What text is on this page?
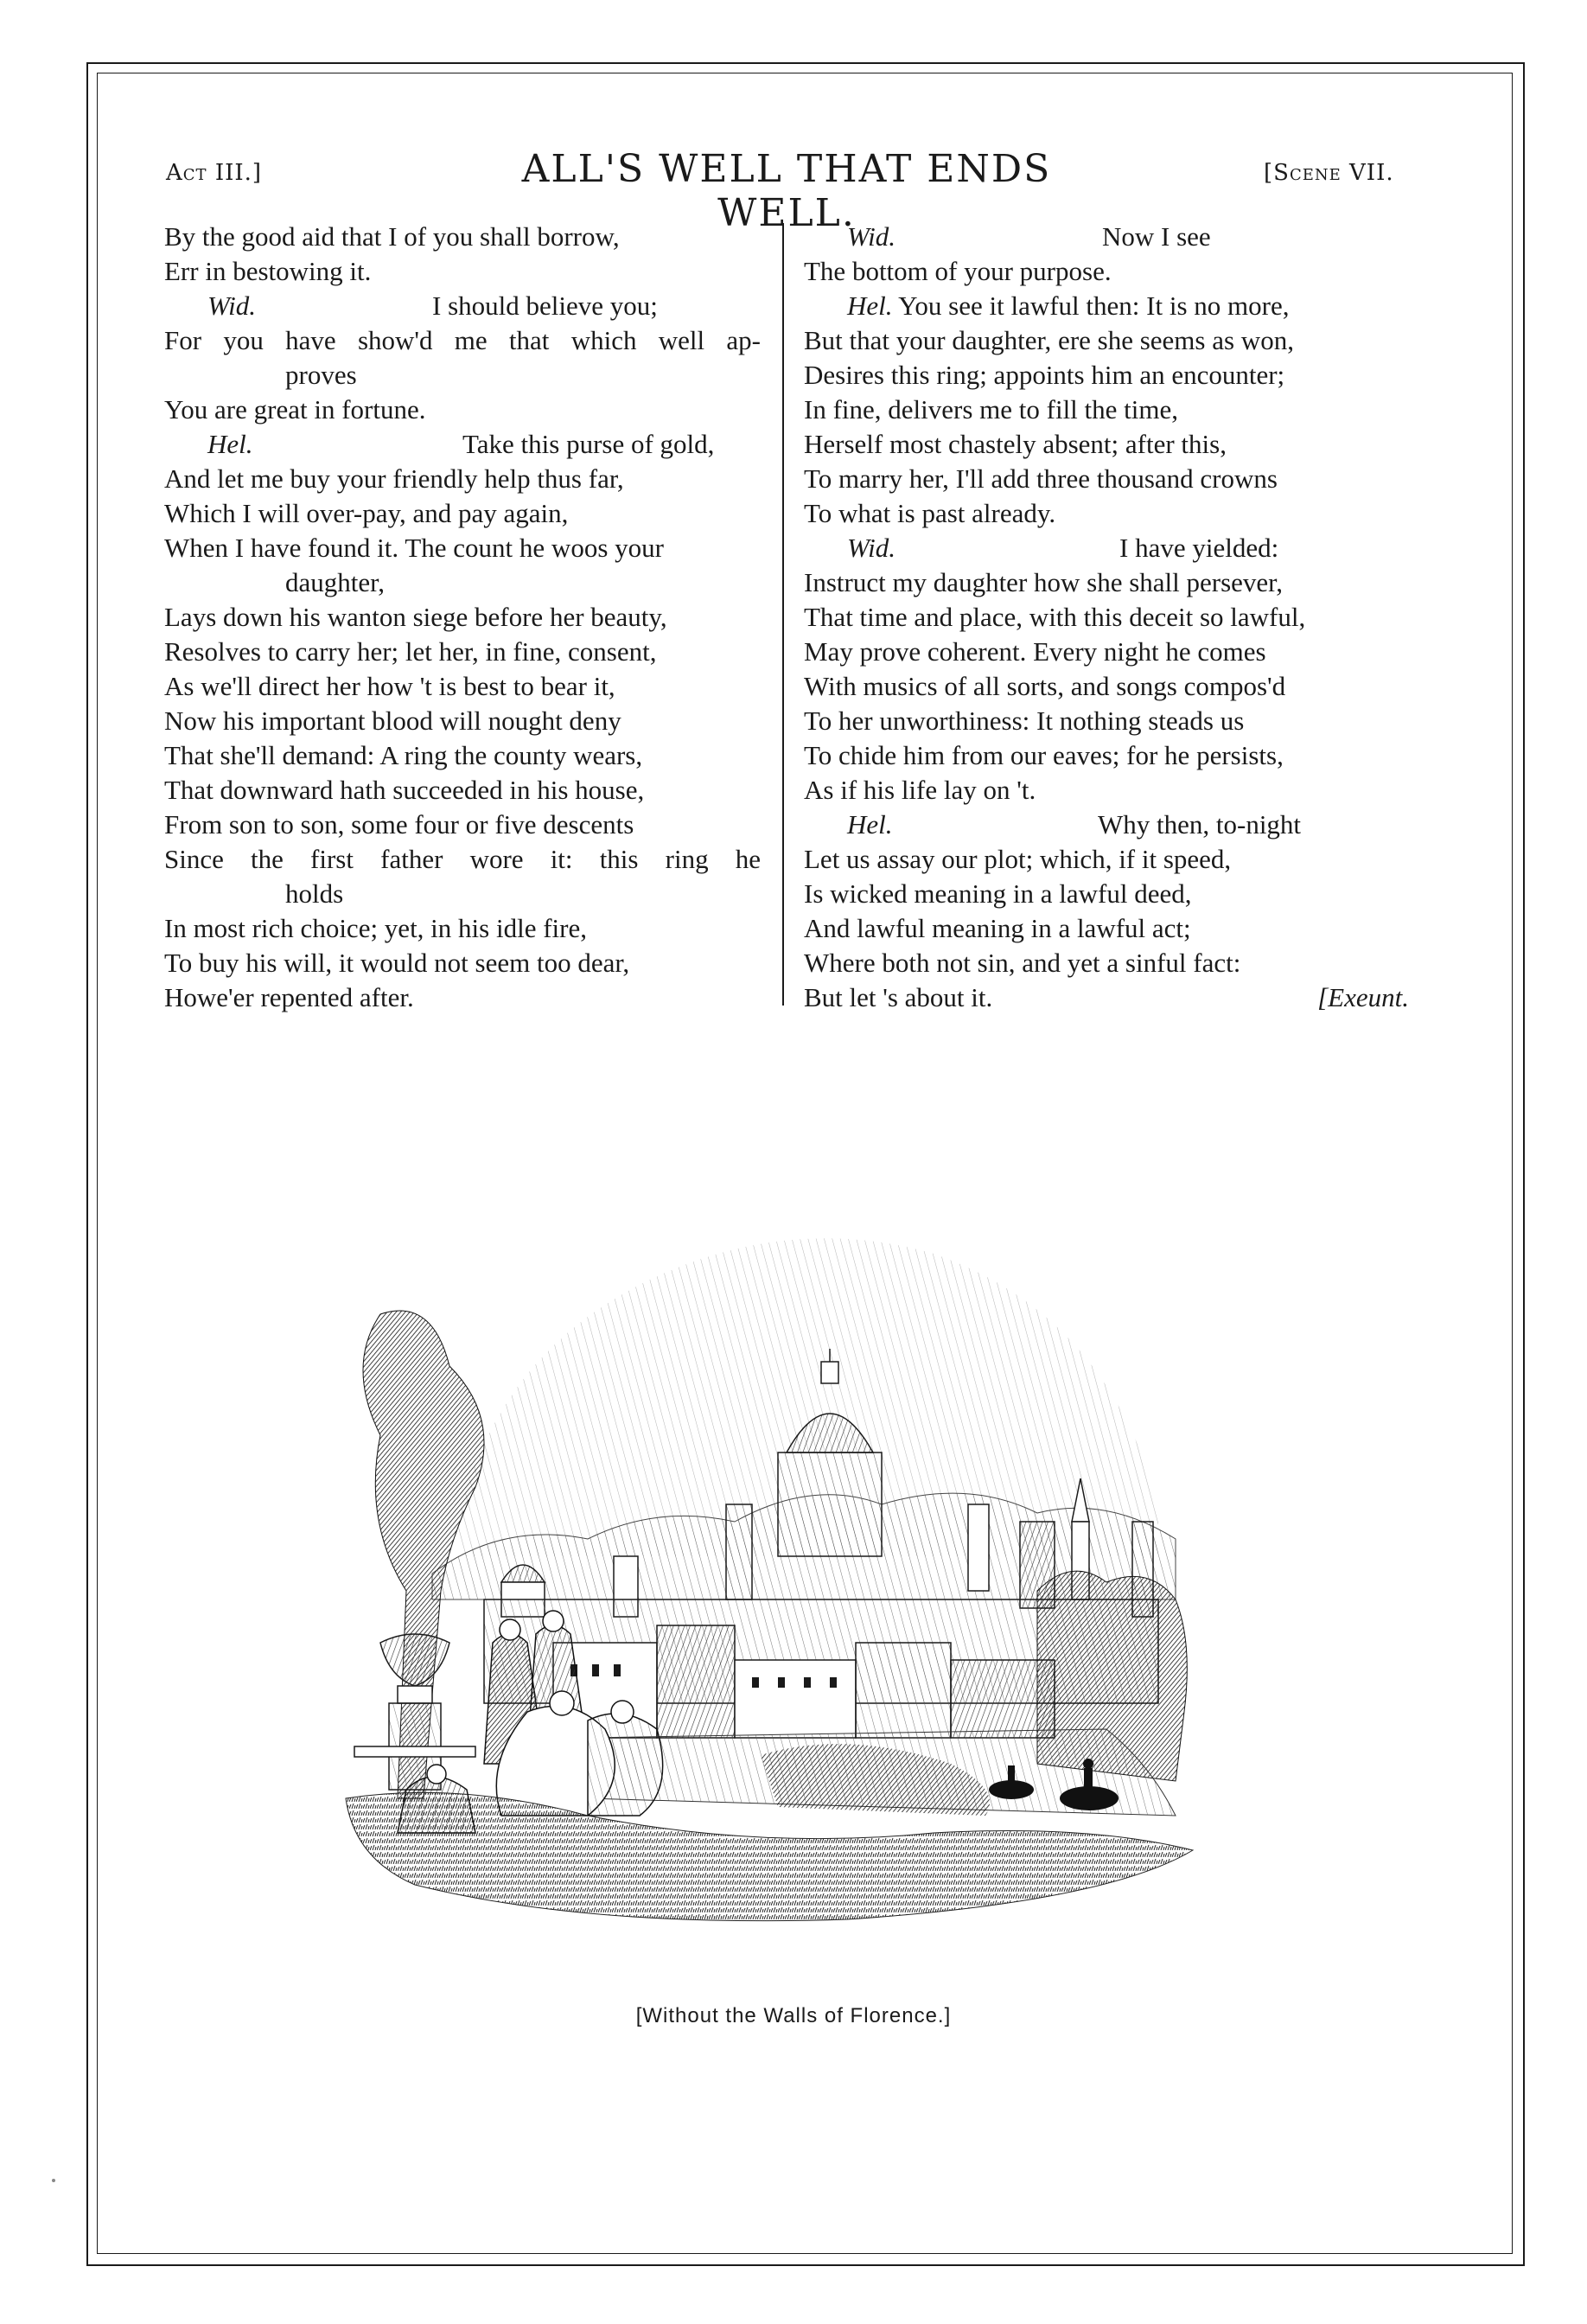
Act III.]	ALL'S WELL THAT ENDS WELL.
[Scene VII.
By the good aid that I of you shall borrow,
Err in bestowing it.
Wid.	I should believe you;
For you have show'd me that which well ap-
proves
You are great in fortune.
Hel.	Take this purse of gold,
And let me buy your friendly help thus far,
Which I will over-pay, and pay again,
When I have found it. The count he woos your
daughter,
Lays down his wanton siege before her beauty,
Resolves to carry her; let her, in fine, consent,
As we'll direct her how 't is best to bear it,
Now his important blood will nought deny
That she'll demand: A ring the county wears,
That downward hath succeeded in his house,
From son to son, some four or five descents
Since the first father wore it: this ring he
holds
In most rich choice; yet, in his idle fire,
To buy his will, it would not seem too dear,
Howe'er repented after.
Wid.	Now I see
The bottom of your purpose.
Hel. You see it lawful then: It is no more,
But that your daughter, ere she seems as won,
Desires this ring; appoints him an encounter;
In fine, delivers me to fill the time,
Herself most chastely absent; after this,
To marry her, I'll add three thousand crowns
To what is past already.
Wid.	I have yielded:
Instruct my daughter how she shall persever,
That time and place, with this deceit so lawful,
May prove coherent. Every night he comes
With musics of all sorts, and songs compos'd
To her unworthiness: It nothing steads us
To chide him from our eaves; for he persists,
As if his life lay on 't.
Hel.	Why then, to-night
Let us assay our plot; which, if it speed,
Is wicked meaning in a lawful deed,
And lawful meaning in a lawful act;
Where both not sin, and yet a sinful fact:
But let 's about it.	[Exeunt.
[Without the Walls of Florence.]
